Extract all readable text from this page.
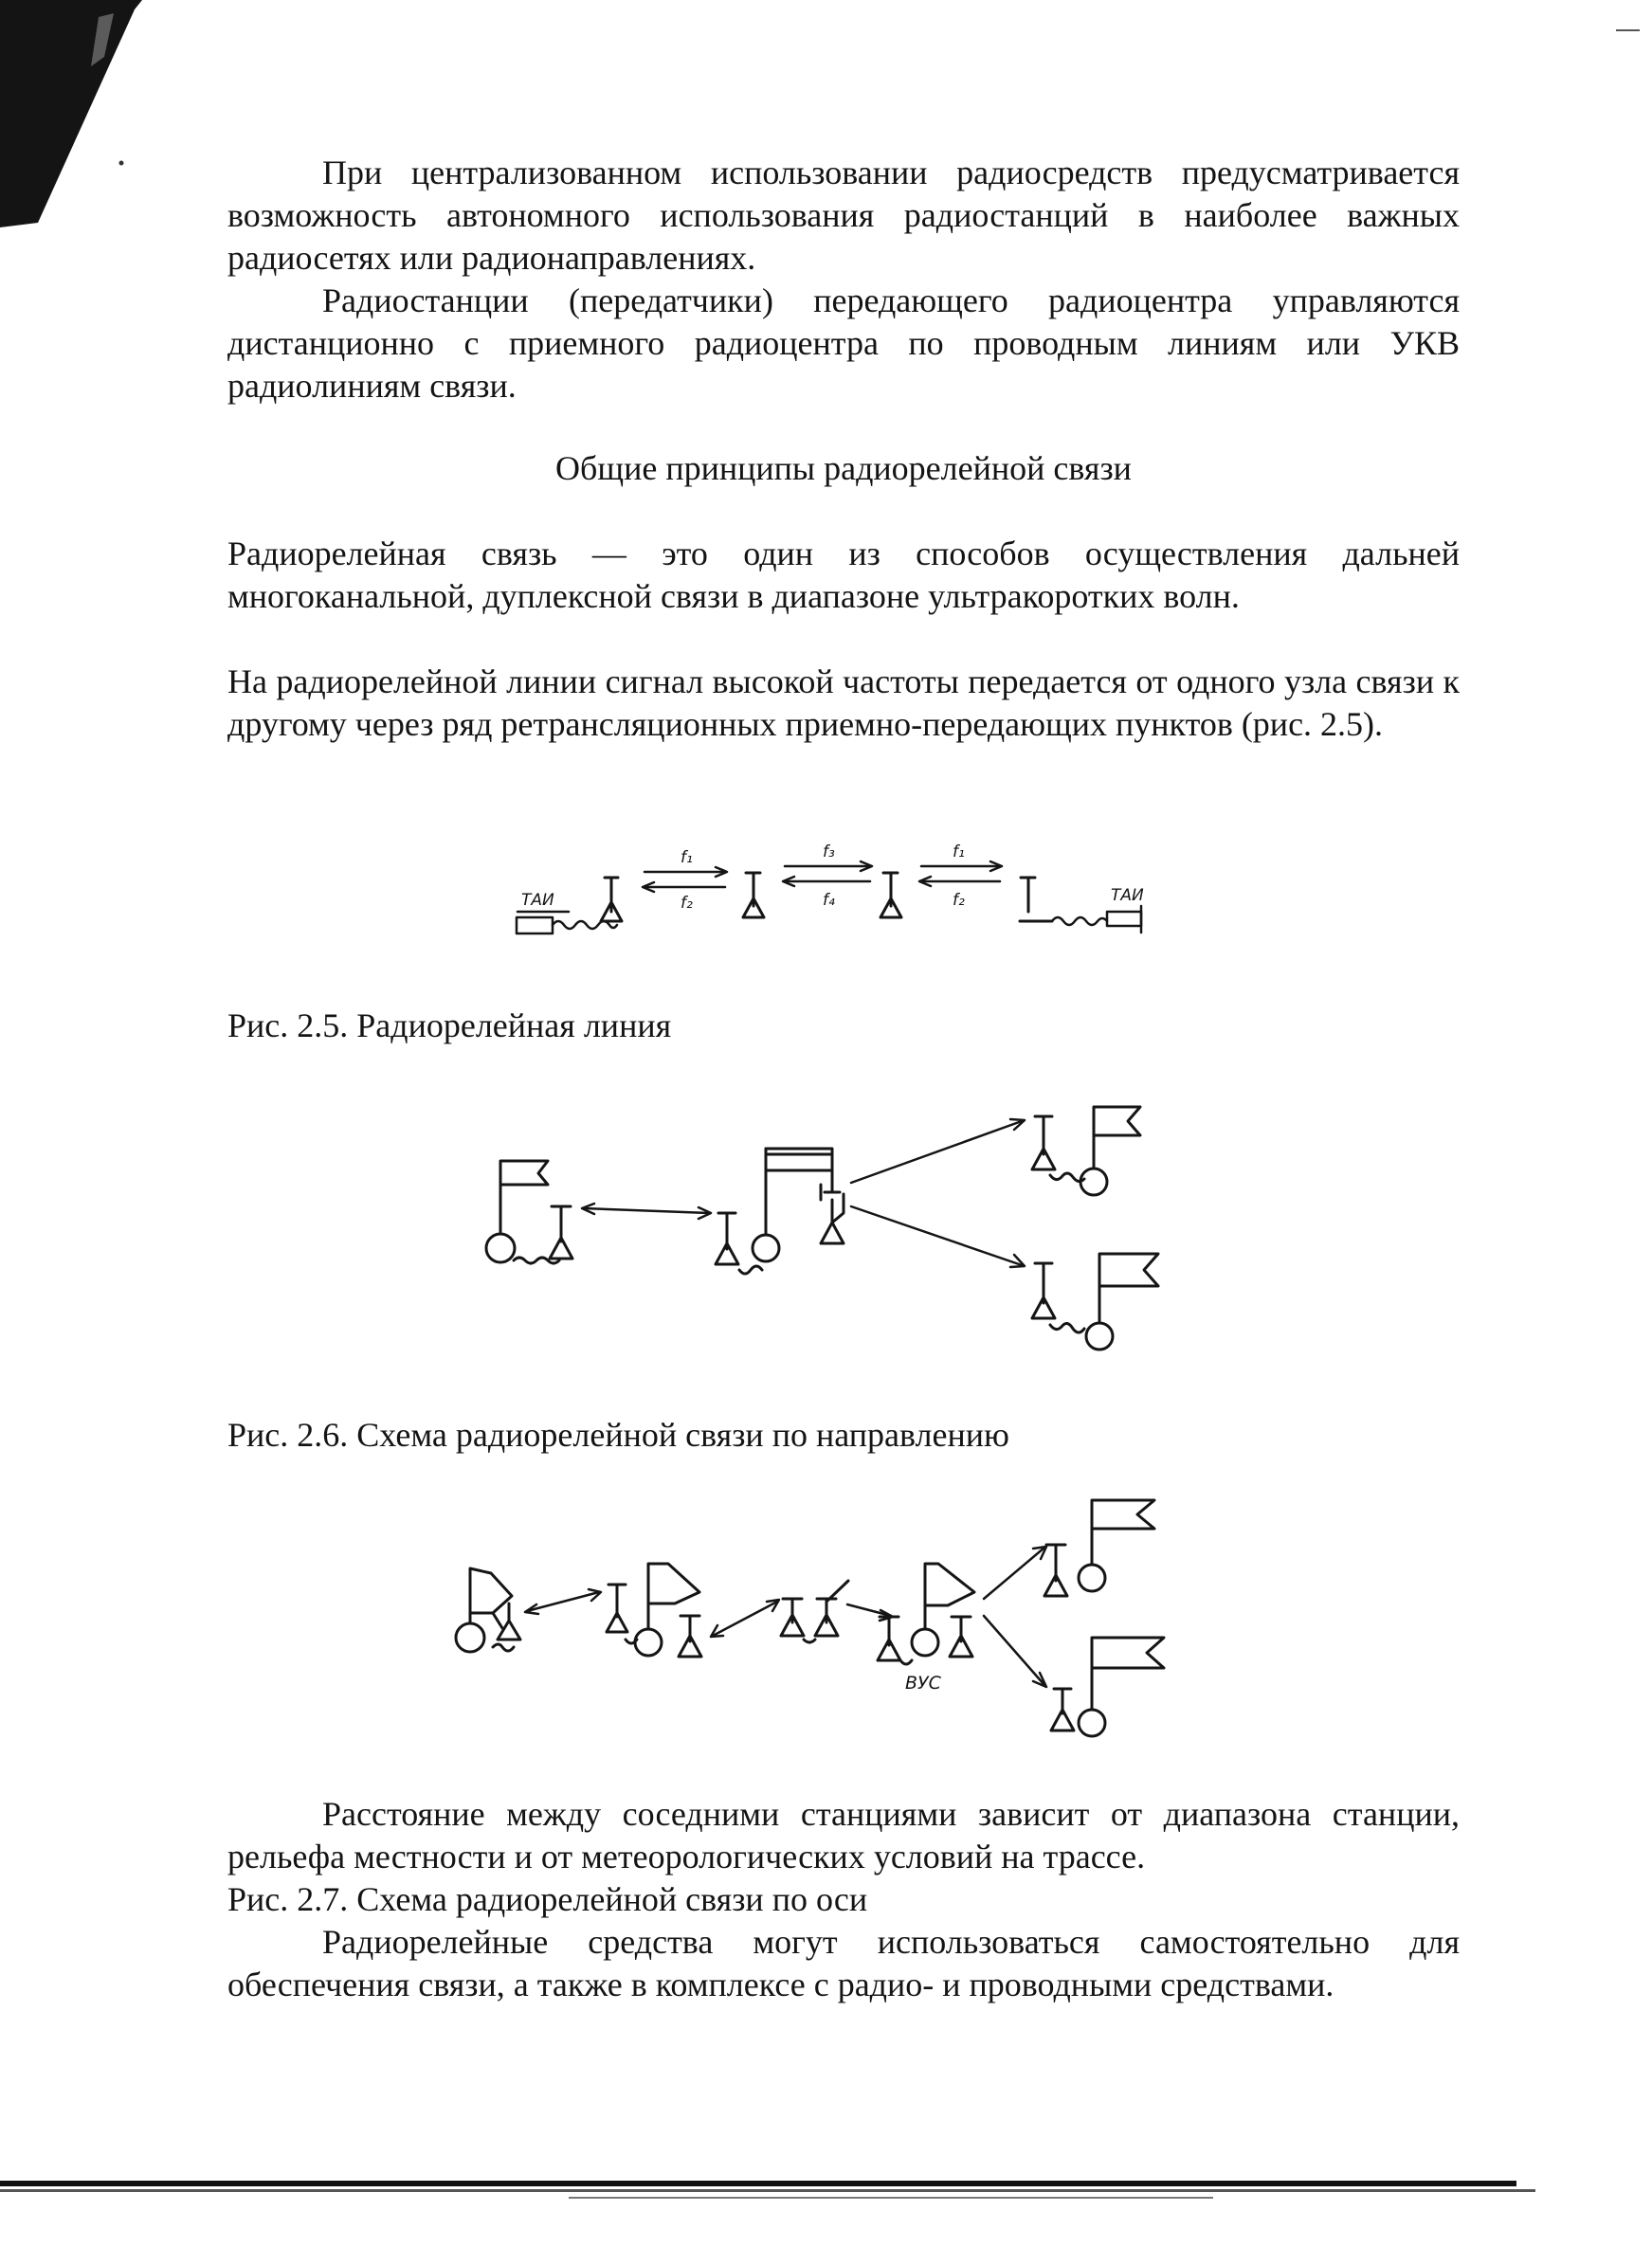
При централизованном использовании радиосредств предусматривается возможность автономного использования радиостанций в наиболее важных радиосетях или радионаправлениях.

Радиостанции (передатчики) передающего радиоцентра управляются дистанционно с приемного радиоцентра по проводным линиям или УКВ радиолиниям связи.

Общие принципы радиорелейной связи

Радиорелейная связь — это один из способов осуществления дальней многоканальной, дуплексной связи в диапазоне ультракоротких волн.

На радиорелейной линии сигнал высокой частоты передается от одного узла связи к другому через ряд ретрансляционных приемно-передающих пунктов (рис. 2.5).

ТАИ
f₁
f₂
f₃
f₄
f₁
f₂	ТАИ

Рис. 2.5. Радиорелейная линия

Рис. 2.6. Схема радиорелейной связи по направлению

ВУС

Расстояние между соседними станциями зависит от диапазона станции, рельефа местности и от метеорологических условий на трассе.

Рис. 2.7. Схема радиорелейной связи по оси

Радиорелейные средства могут использоваться самостоятельно для обеспечения связи, а также в комплексе с радио- и проводными средствами.
